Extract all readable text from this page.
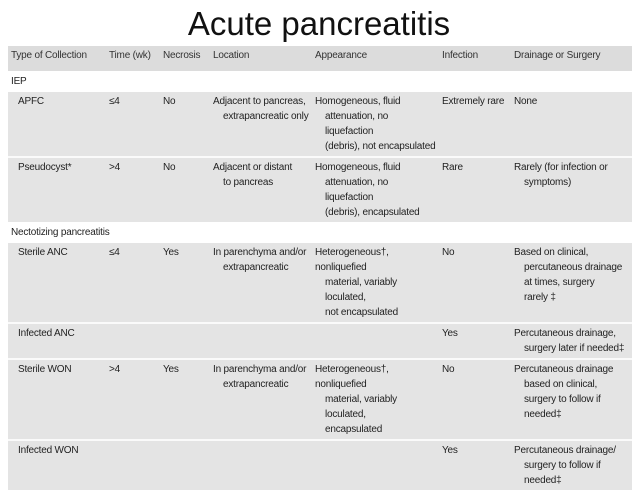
Acute pancreatitis
Type of Collection	Time (wk)	Necrosis	Location	Appearance	Infection	Drainage or Surgery
IEP						
APFC	≤4	No	Adjacent to pancreas,
extrapancreatic only	Homogeneous, fluid
attenuation, no liquefaction
(debris), not encapsulated	Extremely rare	None

Pseudocyst*	>4	No	Adjacent or distant
to pancreas	Homogeneous, fluid
attenuation, no liquefaction
(debris), encapsulated	Rare	Rarely (for infection or
symptoms)

Nectotizing pancreatitis						
Sterile ANC	≤4	Yes	In parenchyma and/or
extrapancreatic	Heterogeneous†, nonliquefied
material, variably loculated,
not encapsulated	No	Based on clinical,
percutaneous drainage
at times, surgery
rarely ‡

Infected ANC					Yes	Percutaneous drainage,
surgery later if needed‡

Sterile WON	>4	Yes	In parenchyma and/or
extrapancreatic	Heterogeneous†, nonliquefied
material, variably loculated,
encapsulated	No	Percutaneous drainage
based on clinical,
surgery to follow if
needed‡

Infected WON					Yes	Percutaneous drainage/
surgery to follow if
needed‡
